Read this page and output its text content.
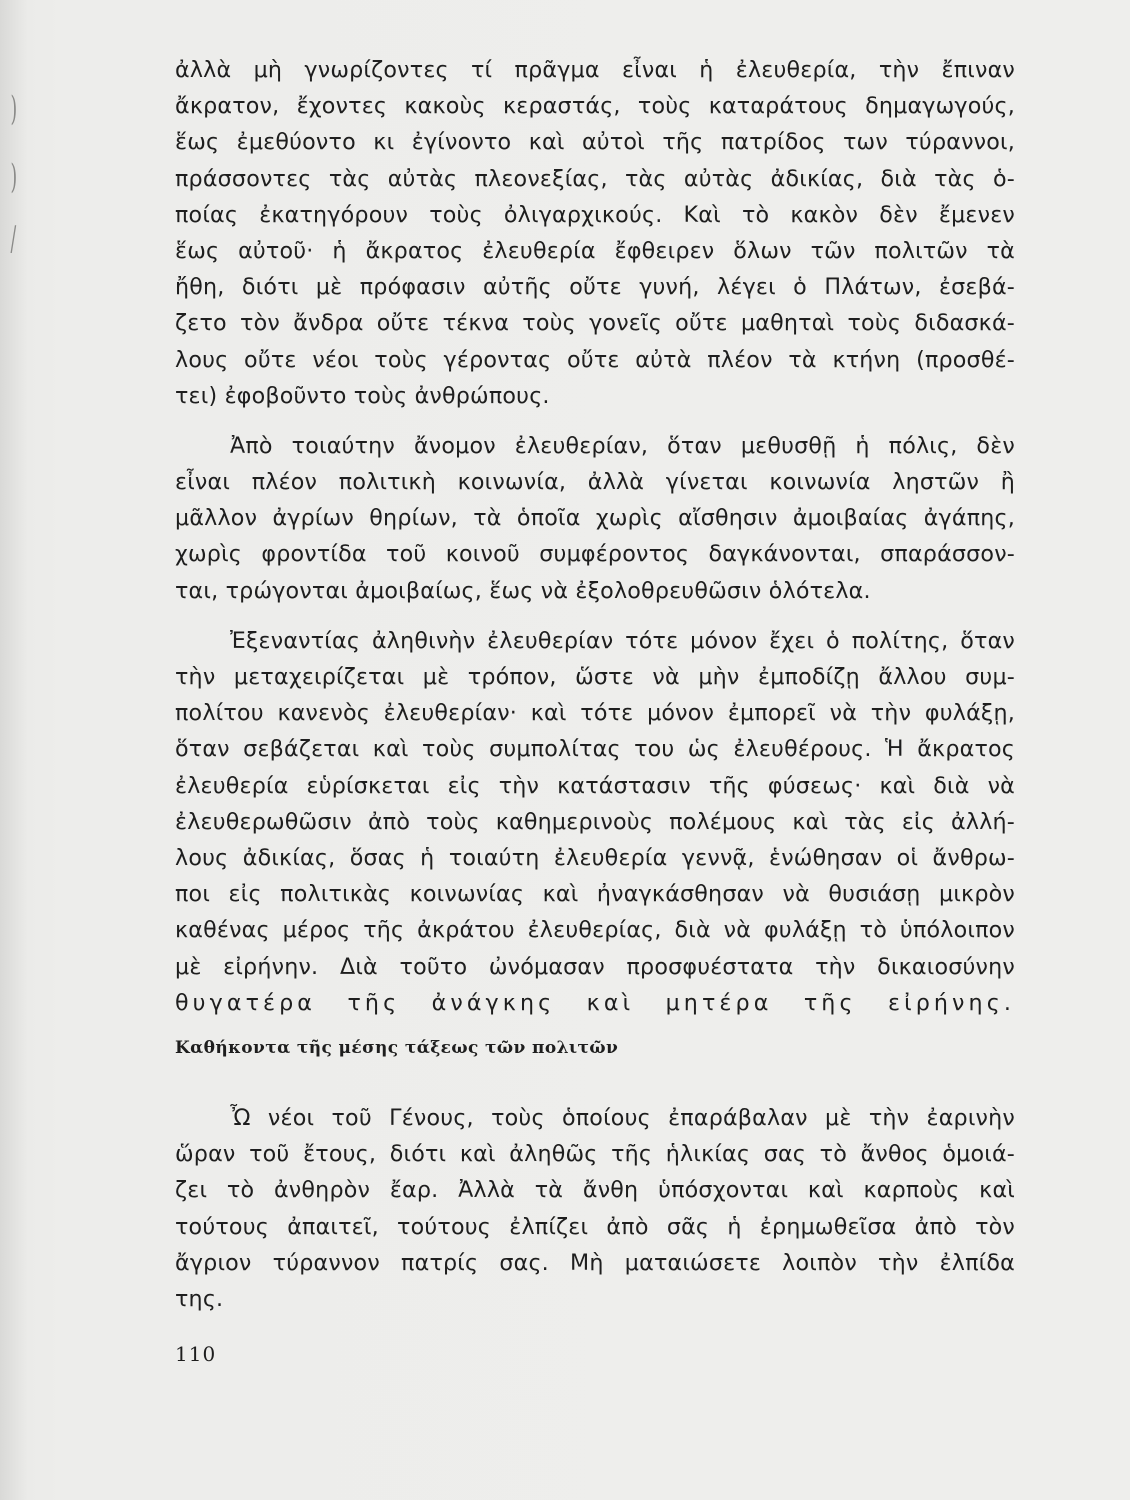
)
)
/
ἀλλὰ μὴ γνωρίζοντες τί πρᾶγμα εἶναι ἡ ἐλευθερία, τὴν ἔπιναν
ἄκρατον, ἔχοντες κακοὺς κεραστάς, τοὺς καταράτους δημαγωγούς,
ἕως ἐμεθύοντο κι ἐγίνοντο καὶ αὐτοὶ τῆς πατρίδος των τύραννοι,
πράσσοντες τὰς αὐτὰς πλεονεξίας, τὰς αὐτὰς ἀδικίας, διὰ τὰς ὁ-
ποίας ἐκατηγόρουν τοὺς ὀλιγαρχικούς. Καὶ τὸ κακὸν δὲν ἔμενεν
ἕως αὐτοῦ· ἡ ἄκρατος ἐλευθερία ἔφθειρεν ὅλων τῶν πολιτῶν τὰ
ἤθη, διότι μὲ πρόφασιν αὐτῆς οὔτε γυνή, λέγει ὁ Πλάτων, ἐσεβά-
ζετο τὸν ἄνδρα οὔτε τέκνα τοὺς γονεῖς οὔτε μαθηταὶ τοὺς διδασκά-
λους οὔτε νέοι τοὺς γέροντας οὔτε αὐτὰ πλέον τὰ κτήνη (προσθέ-
τει) ἐφοβοῦντο τοὺς ἀνθρώπους.
Ἀπὸ τοιαύτην ἄνομον ἐλευθερίαν, ὅταν μεθυσθῇ ἡ πόλις, δὲν
εἶναι πλέον πολιτικὴ κοινωνία, ἀλλὰ γίνεται κοινωνία ληστῶν ἢ
μᾶλλον ἀγρίων θηρίων, τὰ ὁποῖα χωρὶς αἴσθησιν ἀμοιβαίας ἀγάπης,
χωρὶς φροντίδα τοῦ κοινοῦ συμφέροντος δαγκάνονται, σπαράσσον-
ται, τρώγονται ἀμοιβαίως, ἕως νὰ ἐξολοθρευθῶσιν ὁλότελα.
Ἐξεναντίας ἀληθινὴν ἐλευθερίαν τότε μόνον ἔχει ὁ πολίτης, ὅταν
τὴν μεταχειρίζεται μὲ τρόπον, ὥστε νὰ μὴν ἐμποδίζῃ ἄλλου συμ-
πολίτου κανενὸς ἐλευθερίαν· καὶ τότε μόνον ἐμπορεῖ νὰ τὴν φυλάξῃ,
ὅταν σεβάζεται καὶ τοὺς συμπολίτας του ὡς ἐλευθέρους. Ἡ ἄκρατος
ἐλευθερία εὑρίσκεται εἰς τὴν κατάστασιν τῆς φύσεως· καὶ διὰ νὰ
ἐλευθερωθῶσιν ἀπὸ τοὺς καθημερινοὺς πολέμους καὶ τὰς εἰς ἀλλή-
λους ἀδικίας, ὅσας ἡ τοιαύτη ἐλευθερία γεννᾷ, ἑνώθησαν οἱ ἄνθρω-
ποι εἰς πολιτικὰς κοινωνίας καὶ ἠναγκάσθησαν νὰ θυσιάσῃ μικρὸν
καθένας μέρος τῆς ἀκράτου ἐλευθερίας, διὰ νὰ φυλάξῃ τὸ ὑπόλοιπον
μὲ εἰρήνην. Διὰ τοῦτο ὠνόμασαν προσφυέστατα τὴν δικαιοσύνην
θυγατέρα τῆς ἀνάγκης καὶ μητέρα τῆς εἰρήνης.
Καθήκοντα τῆς μέσης τάξεως τῶν πολιτῶν
Ὦ νέοι τοῦ Γένους, τοὺς ὁποίους ἐπαράβαλαν μὲ τὴν ἐαρινὴν
ὥραν τοῦ ἔτους, διότι καὶ ἀληθῶς τῆς ἡλικίας σας τὸ ἄνθος ὁμοιά-
ζει τὸ ἀνθηρὸν ἔαρ. Ἀλλὰ τὰ ἄνθη ὑπόσχονται καὶ καρποὺς καὶ
τούτους ἀπαιτεῖ, τούτους ἐλπίζει ἀπὸ σᾶς ἡ ἐρημωθεῖσα ἀπὸ τὸν
ἄγριον τύραννον πατρίς σας. Μὴ ματαιώσετε λοιπὸν τὴν ἐλπίδα
της.
110
